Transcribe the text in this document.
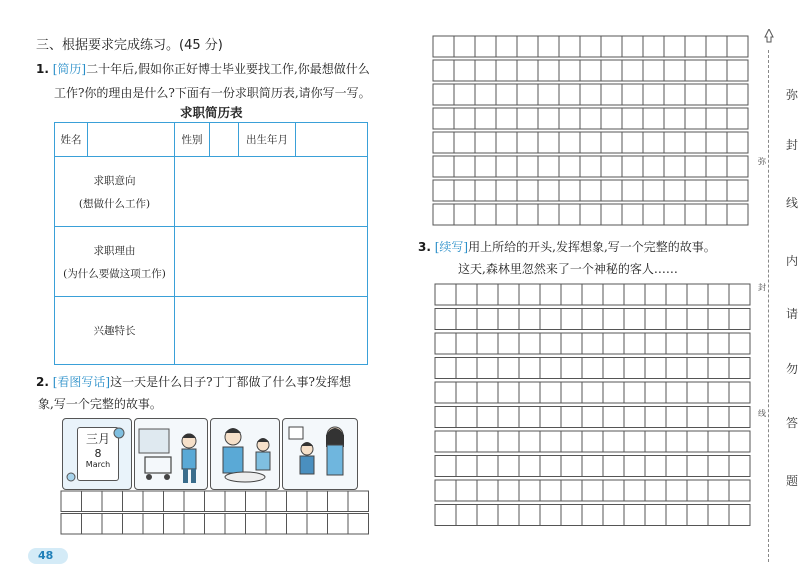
三、根据要求完成练习。(45 分)
1. [简历]二十年后,假如你正好博士毕业要找工作,你最想做什么
工作?你的理由是什么?下面有一份求职简历表,请你写一写。
求职简历表
姓名		性别		出生年月	

求职意向
(想做什么工作)					

求职理由
(为什么要做这项工作)					

兴趣特长					
2. [看图写话]这一天是什么日子?丁丁都做了什么事?发挥想
象,写一个完整的故事。
三月
8
March
48
3. [续写]用上所给的开头,发挥想象,写一个完整的故事。
这天,森林里忽然来了一个神秘的客人……
弥
封
线
内
请
勿
答
题
弥
封
线
